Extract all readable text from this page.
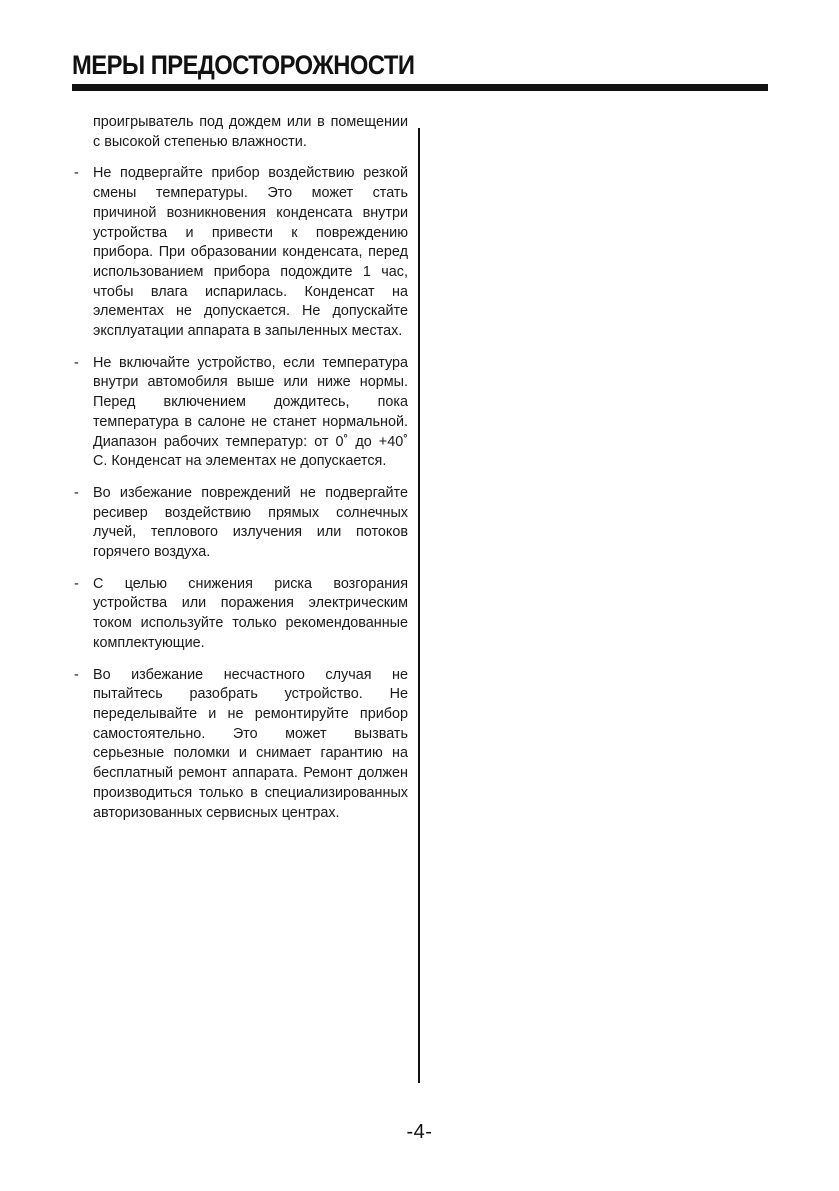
МЕРЫ ПРЕДОСТОРОЖНОСТИ

проигрыватель под дождем или в помещении с высокой степенью влажности.

- Не подвергайте прибор воздействию резкой смены температуры. Это может стать причиной возникновения конденсата внутри устройства и привести к повреждению прибора. При образовании конденсата, перед использованием прибора подождите 1 час, чтобы влага испарилась. Конденсат на элементах не допускается. Не допускайте эксплуатации аппарата в запыленных местах.

- Не включайте устройство, если температура внутри автомобиля выше или ниже нормы. Перед включением дождитесь, пока температура в салоне не станет нормальной. Диапазон рабочих температур: от 0˚ до +40˚ С. Конденсат на элементах не допускается.

- Во избежание повреждений не подвергайте ресивер воздействию прямых солнечных лучей, теплового излучения или потоков горячего воздуха.

- С целью снижения риска возгорания устройства или поражения электрическим током используйте только рекомендованные комплектующие.

- Во избежание несчастного случая не пытайтесь разобрать устройство. Не переделывайте и не ремонтируйте прибор самостоятельно. Это может вызвать серьезные поломки и снимает гарантию на бесплатный ремонт аппарата. Ремонт должен производиться только в специализированных авторизованных сервисных центрах.

-4-
